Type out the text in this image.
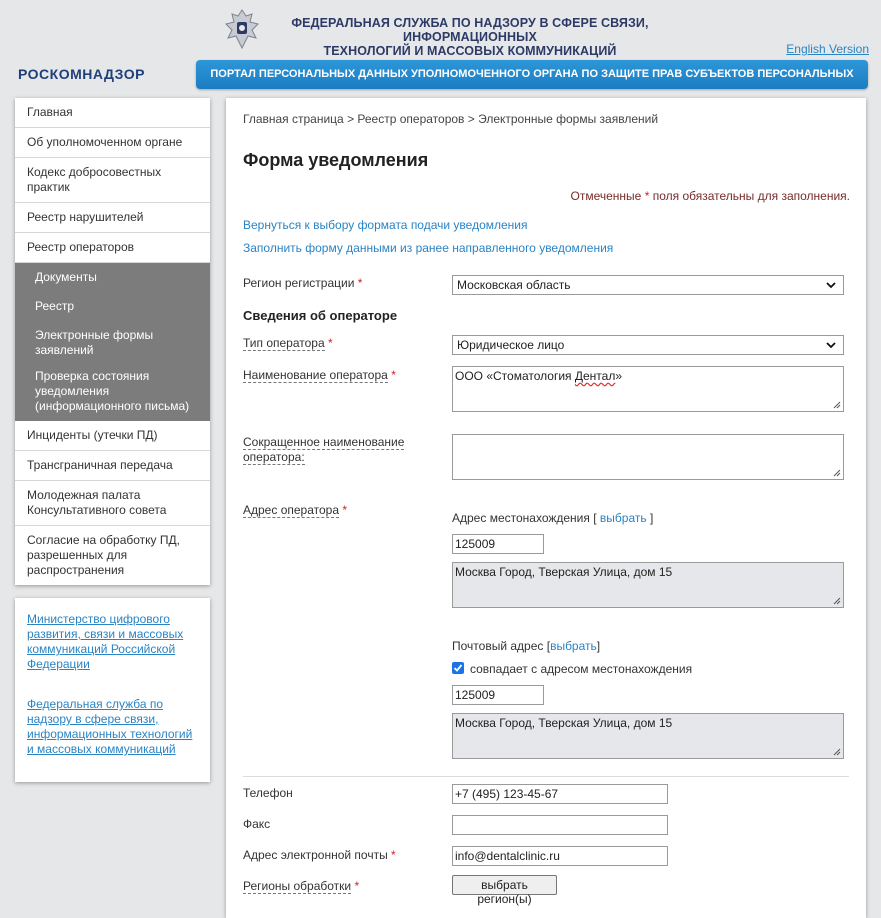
ФЕДЕРАЛЬНАЯ СЛУЖБА ПО НАДЗОРУ В СФЕРЕ СВЯЗИ, ИНФОРМАЦИОННЫХ
ТЕХНОЛОГИЙ И МАССОВЫХ КОММУНИКАЦИЙ	English Version
РОСКОМНАДЗОР	ПОРТАЛ ПЕРСОНАЛЬНЫХ ДАННЫХ УПОЛНОМОЧЕННОГО ОРГАНА ПО ЗАЩИТЕ ПРАВ СУБЪЕКТОВ ПЕРСОНАЛЬНЫХ
Главная
Об уполномоченном органе
Кодекс добросовестных практик
Реестр нарушителей
Реестр операторов
Документы
Реестр
Электронные формы заявлений
Проверка состояния уведомления (информационного письма)
Инциденты (утечки ПД)
Трансграничная передача
Молодежная палата Консультативного совета
Согласие на обработку ПД, разрешенных для распространения
Министерство цифрового развития, связи и массовых коммуникаций Российской Федерации
Федеральная служба по надзору в сфере связи, информационных технологий и массовых коммуникаций
Главная страница > Реестр операторов > Электронные формы заявлений
Форма уведомления
Отмеченные * поля обязательны для заполнения.
Вернуться к выбору формата подачи уведомления
Заполнить форму данными из ранее направленного уведомления
Регион регистрации *	Московская область
Сведения об операторе
Тип оператора *	Юридическое лицо
Наименование оператора *	ООО «Стоматология Дентал»
Сокращенное наименование оператора:
Адрес оператора *
Адрес местонахождения [ выбрать ]
125009
Москва Город, Тверская Улица, дом 15
Почтовый адрес [выбрать]
совпадает с адресом местонахождения
125009
Москва Город, Тверская Улица, дом 15
Телефон	+7 (495) 123-45-67
Факс
Адрес электронной почты *	info@dentalclinic.ru
Регионы обработки *	выбрать регион(ы)
